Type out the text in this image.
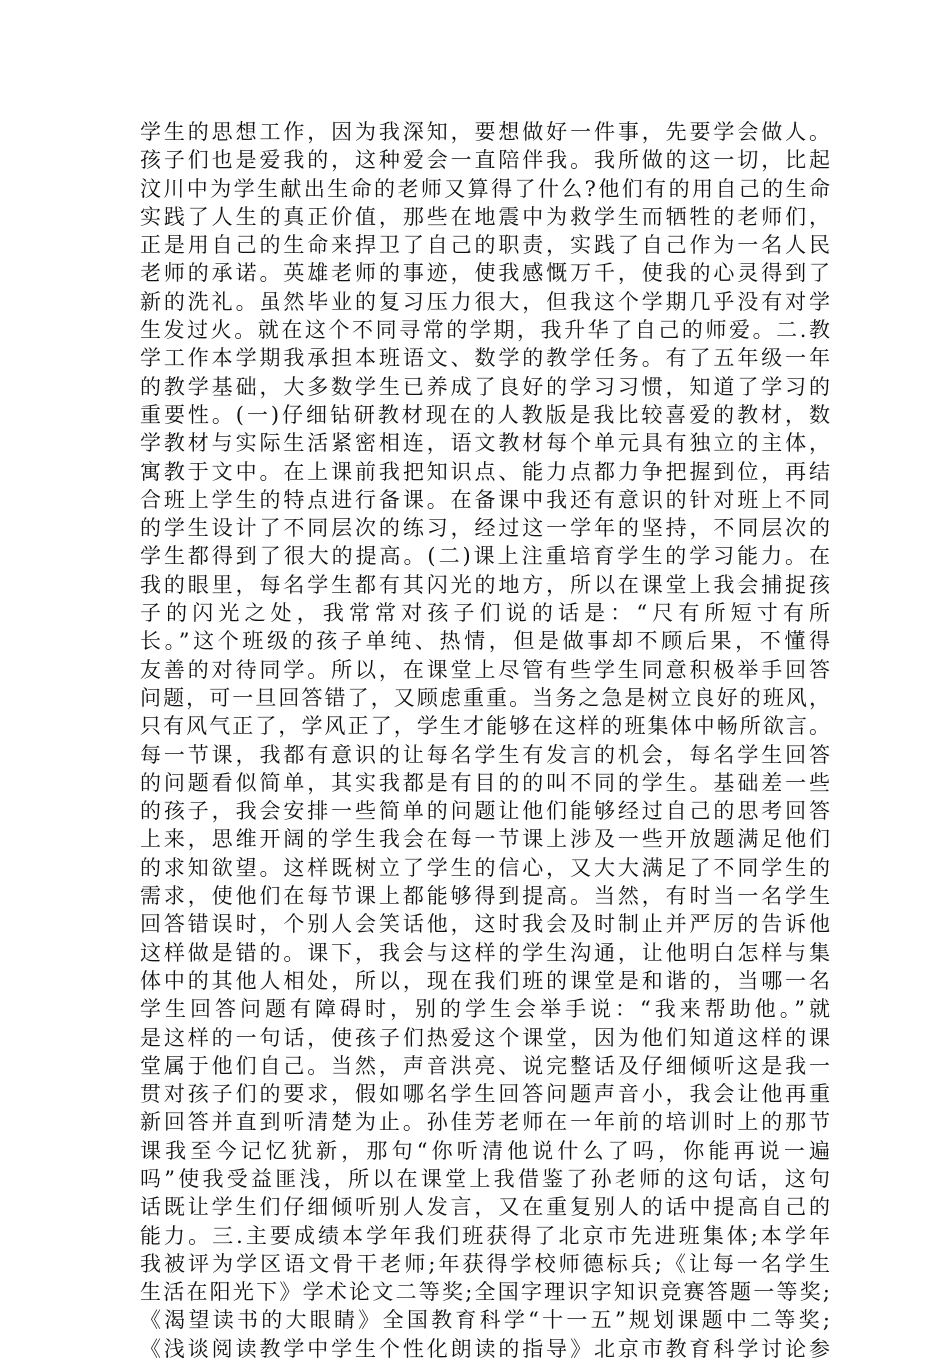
学生的思想工作，因为我深知，要想做好一件事，先要学会做人。
孩子们也是爱我的，这种爱会一直陪伴我。我所做的这一切，比起
汶川中为学生献出生命的老师又算得了什么?他们有的用自己的生命
实践了人生的真正价值，那些在地震中为救学生而牺牲的老师们，
正是用自己的生命来捍卫了自己的职责，实践了自己作为一名人民
老师的承诺。英雄老师的事迹，使我感慨万千，使我的心灵得到了
新的洗礼。虽然毕业的复习压力很大，但我这个学期几乎没有对学
生发过火。就在这个不同寻常的学期，我升华了自己的师爱。二.教
学工作本学期我承担本班语文、数学的教学任务。有了五年级一年
的教学基础，大多数学生已养成了良好的学习习惯，知道了学习的
重要性。(一)仔细钻研教材现在的人教版是我比较喜爱的教材，数
学教材与实际生活紧密相连，语文教材每个单元具有独立的主体，
寓教于文中。在上课前我把知识点、能力点都力争把握到位，再结
合班上学生的特点进行备课。在备课中我还有意识的针对班上不同
的学生设计了不同层次的练习，经过这一学年的坚持，不同层次的
学生都得到了很大的提高。(二)课上注重培育学生的学习能力。在
我的眼里，每名学生都有其闪光的地方，所以在课堂上我会捕捉孩
子的闪光之处，我常常对孩子们说的话是：“尺有所短寸有所
长。”这个班级的孩子单纯、热情，但是做事却不顾后果，不懂得
友善的对待同学。所以，在课堂上尽管有些学生同意积极举手回答
问题，可一旦回答错了，又顾虑重重。当务之急是树立良好的班风，
只有风气正了，学风正了，学生才能够在这样的班集体中畅所欲言。
每一节课，我都有意识的让每名学生有发言的机会，每名学生回答
的问题看似简单，其实我都是有目的的叫不同的学生。基础差一些
的孩子，我会安排一些简单的问题让他们能够经过自己的思考回答
上来，思维开阔的学生我会在每一节课上涉及一些开放题满足他们
的求知欲望。这样既树立了学生的信心，又大大满足了不同学生的
需求，使他们在每节课上都能够得到提高。当然，有时当一名学生
回答错误时，个别人会笑话他，这时我会及时制止并严厉的告诉他
这样做是错的。课下，我会与这样的学生沟通，让他明白怎样与集
体中的其他人相处，所以，现在我们班的课堂是和谐的，当哪一名
学生回答问题有障碍时，别的学生会举手说：“我来帮助他。”就
是这样的一句话，使孩子们热爱这个课堂，因为他们知道这样的课
堂属于他们自己。当然，声音洪亮、说完整话及仔细倾听这是我一
贯对孩子们的要求，假如哪名学生回答问题声音小，我会让他再重
新回答并直到听清楚为止。孙佳芳老师在一年前的培训时上的那节
课我至今记忆犹新，那句“你听清他说什么了吗，你能再说一遍
吗”使我受益匪浅，所以在课堂上我借鉴了孙老师的这句话，这句
话既让学生们仔细倾听别人发言，又在重复别人的话中提高自己的
能力。三.主要成绩本学年我们班获得了北京市先进班集体;本学年
我被评为学区语文骨干老师;年获得学校师德标兵;《让每一名学生
生活在阳光下》学术论文二等奖;全国字理识字知识竞赛答题一等奖;
《渴望读书的大眼睛》全国教育科学“十一五”规划课题中二等奖;
《浅谈阅读教学中学生个性化朗读的指导》北京市教育科学讨论参
